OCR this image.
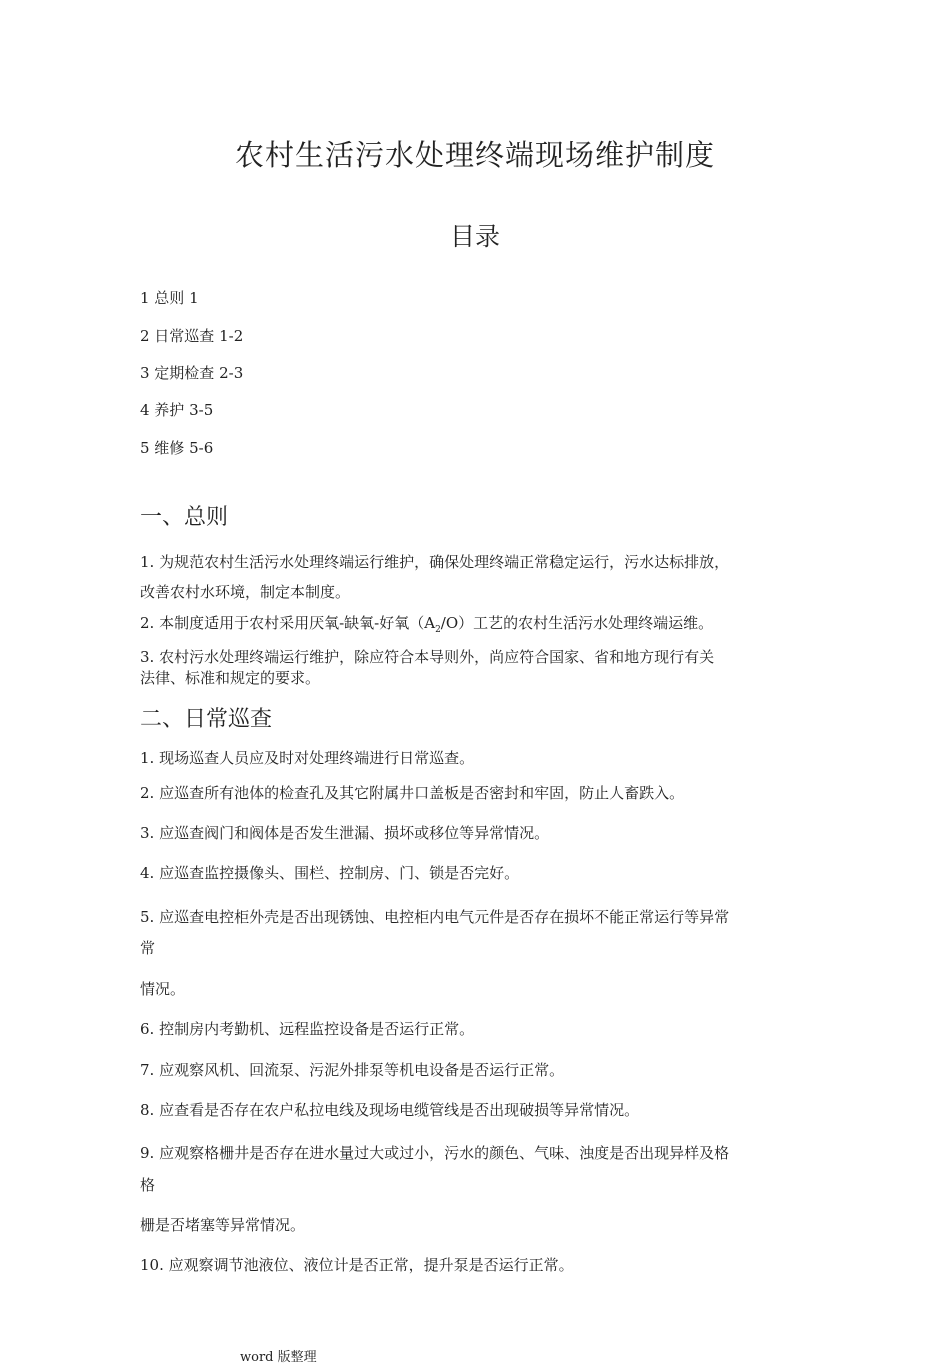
农村生活污水处理终端现场维护制度
目录
1 总则 1
2 日常巡查 1-2
3 定期检查 2-3
4 养护 3-5
5 维修 5-6
一、总则
1. 为规范农村生活污水处理终端运行维护，确保处理终端正常稳定运行，污水达标排放，
改善农村水环境，制定本制度。
2. 本制度适用于农村采用厌氧-缺氧-好氧$(A_2/O)$工艺的农村生活污水处理终端运维。
3. 农村污水处理终端运行维护，除应符合本导则外，尚应符合国家、省和地方现行有关
法律、标准和规定的要求。
二、日常巡查
1. 现场巡查人员应及时对处理终端进行日常巡查。
2. 应巡查所有池体的检查孔及其它附属井口盖板是否密封和牢固，防止人畜跌入。
3. 应巡查阀门和阀体是否发生泄漏、损坏或移位等异常情况。
4. 应巡查监控摄像头、围栏、控制房、门、锁是否完好。
5. 应巡查电控柜外壳是否出现锈蚀、电控柜内电气元件是否存在损坏不能正常运行等异常
常
情况。
6. 控制房内考勤机、远程监控设备是否运行正常。
7. 应观察风机、回流泵、污泥外排泵等机电设备是否运行正常。
8. 应查看是否存在农户私拉电线及现场电缆管线是否出现破损等异常情况。
9. 应观察格栅井是否存在进水量过大或过小，污水的颜色、气味、浊度是否出现异样及格
格
栅是否堵塞等异常情况。
10. 应观察调节池液位、液位计是否正常，提升泵是否运行正常。
word 版整理
